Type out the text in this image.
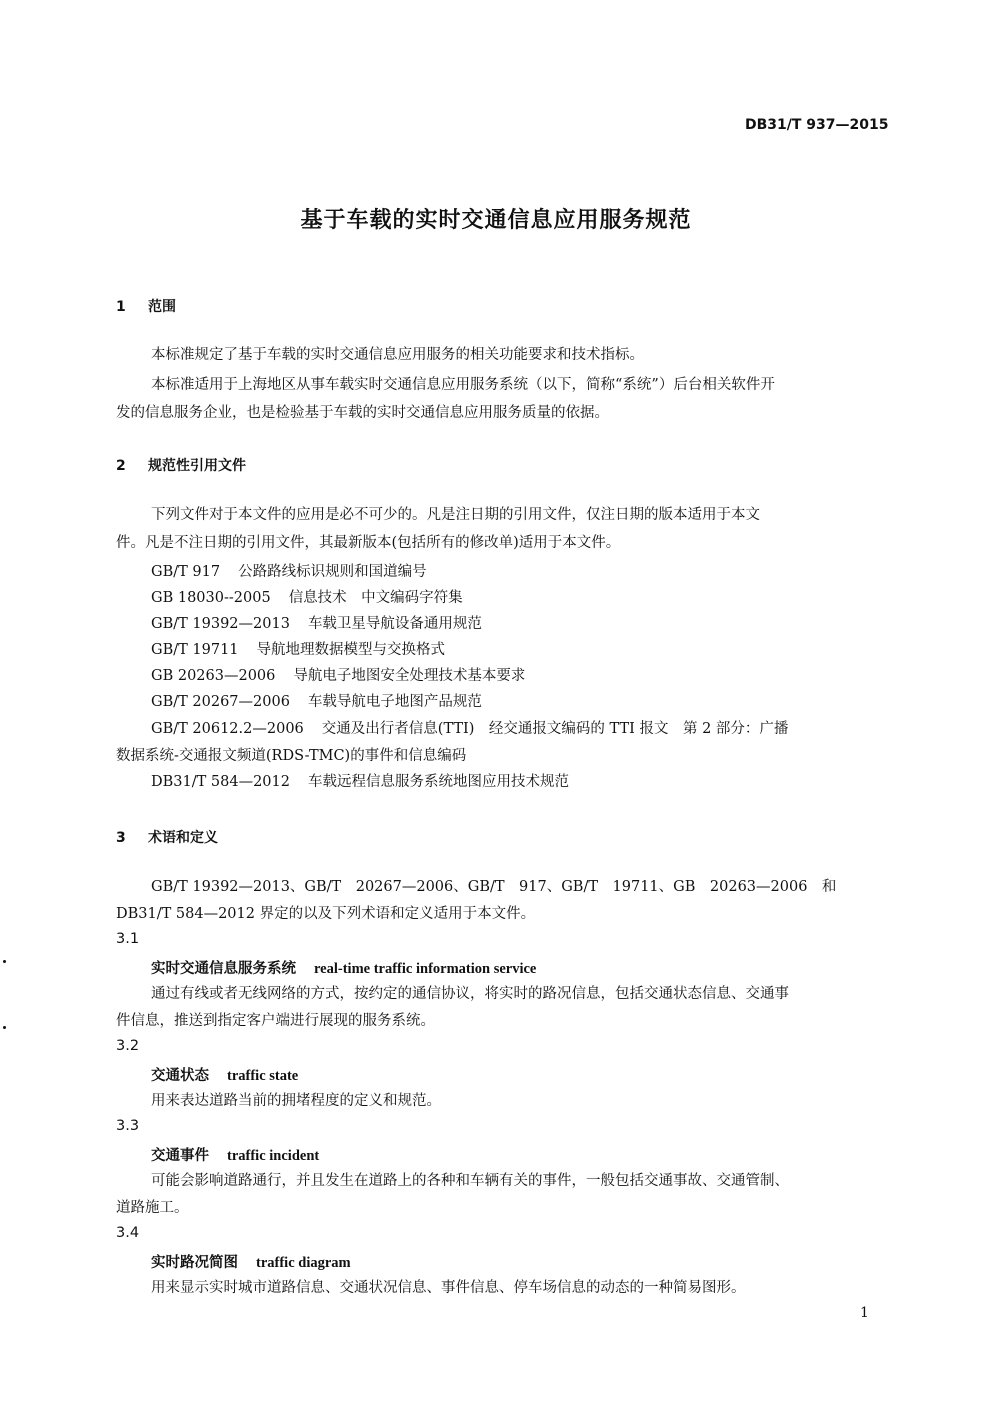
DB31/T 937—2015
基于车载的实时交通信息应用服务规范
1 范围
本标准规定了基于车载的实时交通信息应用服务的相关功能要求和技术指标。
本标准适用于上海地区从事车载实时交通信息应用服务系统（以下，简称“系统”）后台相关软件开
发的信息服务企业，也是检验基于车载的实时交通信息应用服务质量的依据。
2 规范性引用文件
下列文件对于本文件的应用是必不可少的。凡是注日期的引用文件，仅注日期的版本适用于本文
件。凡是不注日期的引用文件，其最新版本(包括所有的修改单)适用于本文件。
GB/T 917 公路路线标识规则和国道编号
GB 18030--2005 信息技术　中文编码字符集
GB/T 19392—2013 车载卫星导航设备通用规范
GB/T 19711 导航地理数据模型与交换格式
GB 20263—2006 导航电子地图安全处理技术基本要求
GB/T 20267—2006 车载导航电子地图产品规范
GB/T 20612.2—2006 交通及出行者信息(TTI)　经交通报文编码的 TTI 报文　第 2 部分：广播
数据系统-交通报文频道(RDS-TMC)的事件和信息编码
DB31/T 584—2012 车载远程信息服务系统地图应用技术规范
3 术语和定义
GB/T 19392—2013、GB/T　20267—2006、GB/T　917、GB/T　19711、GB　20263—2006　和
DB31/T 584—2012 界定的以及下列术语和定义适用于本文件。
3.1
实时交通信息服务系统 real-time traffic information service
通过有线或者无线网络的方式，按约定的通信协议，将实时的路况信息，包括交通状态信息、交通事
件信息，推送到指定客户端进行展现的服务系统。
3.2
交通状态 traffic state
用来表达道路当前的拥堵程度的定义和规范。
3.3
交通事件 traffic incident
可能会影响道路通行，并且发生在道路上的各种和车辆有关的事件，一般包括交通事故、交通管制、
道路施工。
3.4
实时路况简图 traffic diagram
用来显示实时城市道路信息、交通状况信息、事件信息、停车场信息的动态的一种简易图形。
1
